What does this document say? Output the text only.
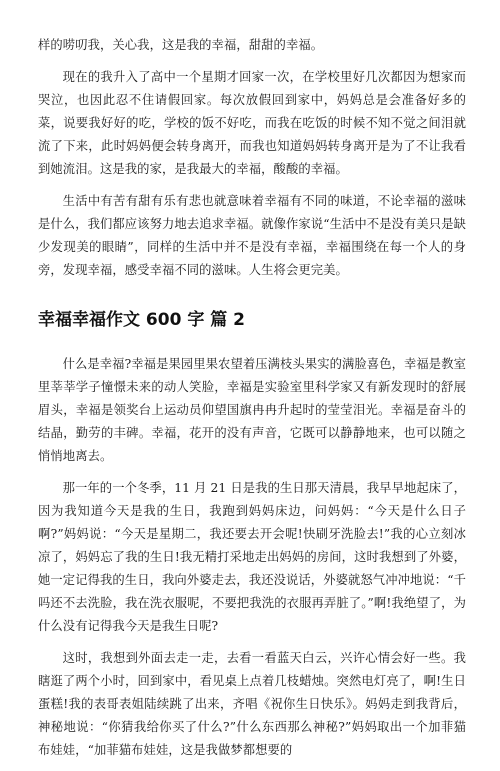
样的唠叨我，关心我，这是我的幸福，甜甜的幸福。

现在的我升入了高中一个星期才回家一次，在学校里好几次都因为想家而哭泣，也因此忍不住请假回家。每次放假回到家中，妈妈总是会准备好多的菜，说要我好好的吃，学校的饭不好吃，而我在吃饭的时候不知不觉之间泪就流了下来，此时妈妈便会转身离开，而我也知道妈妈转身离开是为了不让我看到她流泪。这是我的家，是我最大的幸福，酸酸的幸福。

生活中有苦有甜有乐有悲也就意味着幸福有不同的味道，不论幸福的滋味是什么，我们都应该努力地去追求幸福。就像作家说“生活中不是没有美只是缺少发现美的眼睛”，同样的生活中并不是没有幸福，幸福围绕在每一个人的身旁，发现幸福，感受幸福不同的滋味。人生将会更完美。

幸福幸福作文 600 字 篇 2

什么是幸福?幸福是果园里果农望着压满枝头果实的满脸喜色，幸福是教室里莘莘学子憧憬未来的动人笑脸，幸福是实验室里科学家又有新发现时的舒展眉头，幸福是领奖台上运动员仰望国旗冉冉升起时的莹莹泪光。幸福是奋斗的结晶，勤劳的丰碑。幸福，花开的没有声音，它既可以静静地来，也可以随之悄悄地离去。

那一年的一个冬季，11 月 21 日是我的生日那天清晨，我早早地起床了，因为我知道今天是我的生日，我跑到妈妈床边，问妈妈：“今天是什么日子啊?”妈妈说：“今天是星期二，我还要去开会呢!快刷牙洗脸去!”我的心立刻冰凉了，妈妈忘了我的生日!我无精打采地走出妈妈的房间，这时我想到了外婆，她一定记得我的生日，我向外婆走去，我还没说话，外婆就怒气冲冲地说：“千吗还不去洗脸，我在洗衣服呢，不要把我洗的衣服再弄脏了。”啊!我绝望了，为什么没有记得我今天是我生日呢?

这时，我想到外面去走一走，去看一看蓝天白云，兴许心情会好一些。我瞎逛了两个小时，回到家中，看见桌上点着几枝蜡烛。突然电灯亮了，啊!生日蛋糕!我的表哥表姐陆续跳了出来，齐唱《祝你生日快乐》。妈妈走到我背后，神秘地说：“你猜我给你买了什么?”什么东西那么神秘?”妈妈取出一个加菲猫布娃娃，“加菲猫布娃娃，这是我做梦都想要的
